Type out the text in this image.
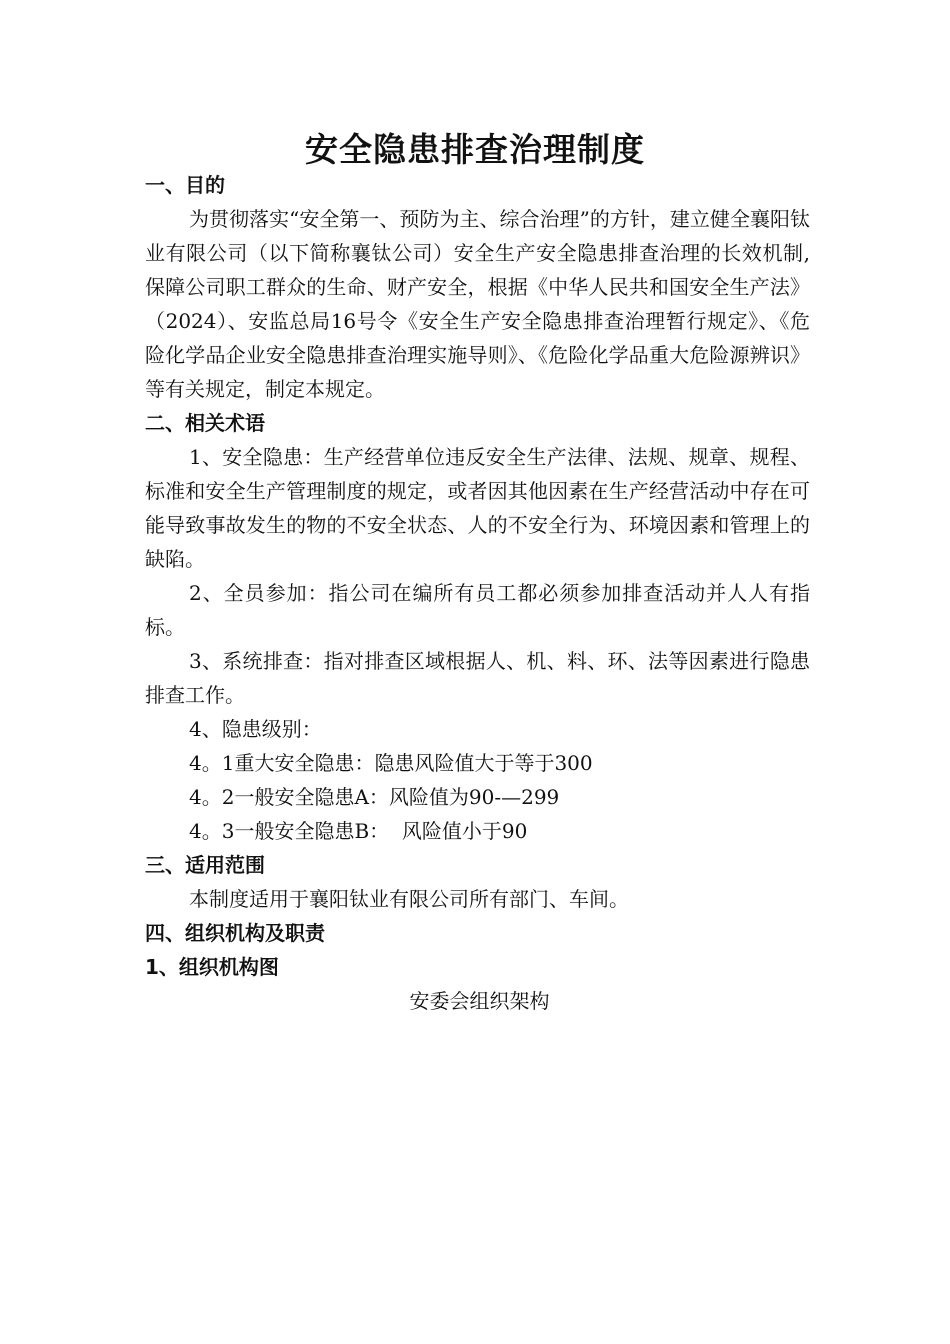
安全隐患排查治理制度

一、目的

为贯彻落实“安全第一、预防为主、综合治理”的方针，建立健全襄阳钛业有限公司（以下简称襄钛公司）安全生产安全隐患排查治理的长效机制,保障公司职工群众的生命、财产安全，根据《中华人民共和国安全生产法》（2024）、安监总局16号令《安全生产安全隐患排查治理暂行规定》、《危险化学品企业安全隐患排查治理实施导则》、《危险化学品重大危险源辨识》等有关规定，制定本规定。

二、相关术语

1、安全隐患：生产经营单位违反安全生产法律、法规、规章、规程、标准和安全生产管理制度的规定，或者因其他因素在生产经营活动中存在可能导致事故发生的物的不安全状态、人的不安全行为、环境因素和管理上的缺陷。

2、全员参加：指公司在编所有员工都必须参加排查活动并人人有指标。

3、系统排查：指对排查区域根据人、机、料、环、法等因素进行隐患排查工作。

4、隐患级别：

4。1重大安全隐患：隐患风险值大于等于300

4。2一般安全隐患A：风险值为90-—299

4。3一般安全隐患B：  风险值小于90

三、适用范围

本制度适用于襄阳钛业有限公司所有部门、车间。

四、组织机构及职责

1、组织机构图

安委会组织架构
